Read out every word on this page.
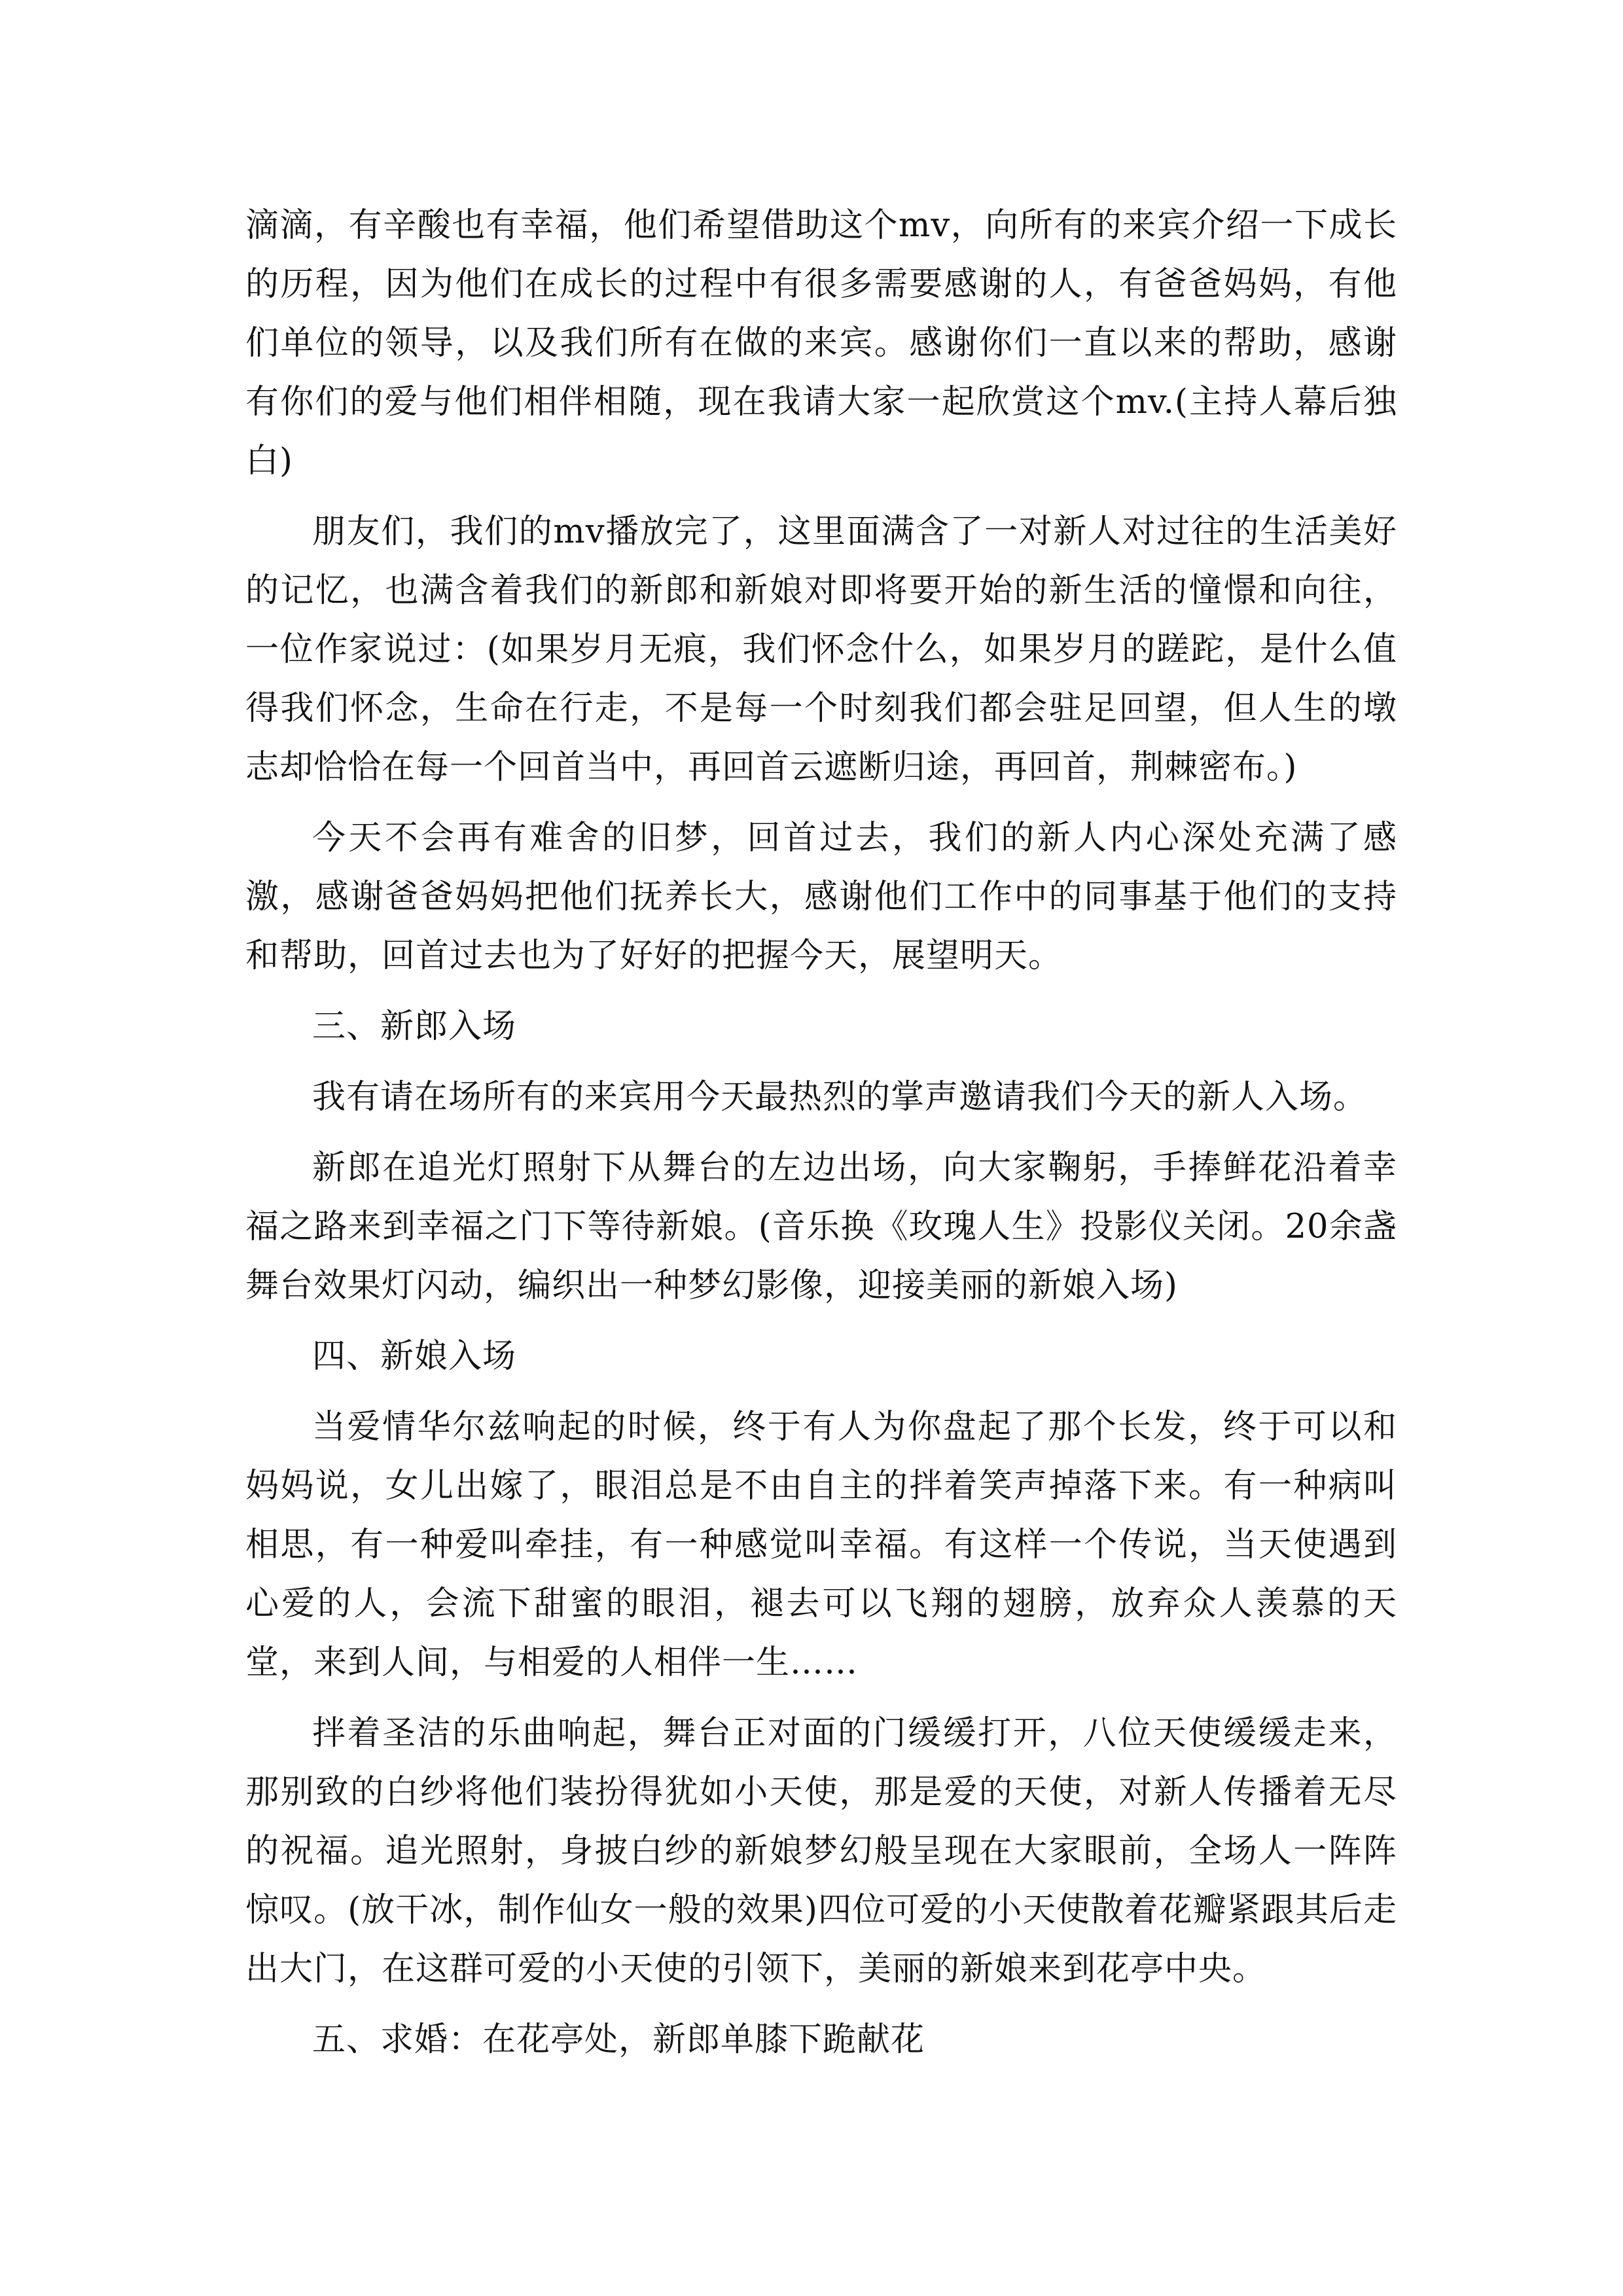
滴滴，有辛酸也有幸福，他们希望借助这个mv，向所有的来宾介绍一下成长的历程，因为他们在成长的过程中有很多需要感谢的人，有爸爸妈妈，有他们单位的领导，以及我们所有在做的来宾。感谢你们一直以来的帮助，感谢有你们的爱与他们相伴相随，现在我请大家一起欣赏这个mv.(主持人幕后独白)

朋友们，我们的mv播放完了，这里面满含了一对新人对过往的生活美好的记忆，也满含着我们的新郎和新娘对即将要开始的新生活的憧憬和向往，一位作家说过：(如果岁月无痕，我们怀念什么，如果岁月的蹉跎，是什么值得我们怀念，生命在行走，不是每一个时刻我们都会驻足回望，但人生的墩志却恰恰在每一个回首当中，再回首云遮断归途，再回首，荆棘密布。)

今天不会再有难舍的旧梦，回首过去，我们的新人内心深处充满了感激，感谢爸爸妈妈把他们抚养长大，感谢他们工作中的同事基于他们的支持和帮助，回首过去也为了好好的把握今天，展望明天。

三、新郎入场

我有请在场所有的来宾用今天最热烈的掌声邀请我们今天的新人入场。

新郎在追光灯照射下从舞台的左边出场，向大家鞠躬，手捧鲜花沿着幸福之路来到幸福之门下等待新娘。(音乐换《玫瑰人生》投影仪关闭。20余盏舞台效果灯闪动，编织出一种梦幻影像，迎接美丽的新娘入场)

四、新娘入场

当爱情华尔兹响起的时候，终于有人为你盘起了那个长发，终于可以和妈妈说，女儿出嫁了，眼泪总是不由自主的拌着笑声掉落下来。有一种病叫相思，有一种爱叫牵挂，有一种感觉叫幸福。有这样一个传说，当天使遇到心爱的人，会流下甜蜜的眼泪，褪去可以飞翔的翅膀，放弃众人羡慕的天堂，来到人间，与相爱的人相伴一生……

拌着圣洁的乐曲响起，舞台正对面的门缓缓打开，八位天使缓缓走来，那别致的白纱将他们装扮得犹如小天使，那是爱的天使，对新人传播着无尽的祝福。追光照射，身披白纱的新娘梦幻般呈现在大家眼前，全场人一阵阵惊叹。(放干冰，制作仙女一般的效果)四位可爱的小天使散着花瓣紧跟其后走出大门，在这群可爱的小天使的引领下，美丽的新娘来到花亭中央。

五、求婚：在花亭处，新郎单膝下跪献花
